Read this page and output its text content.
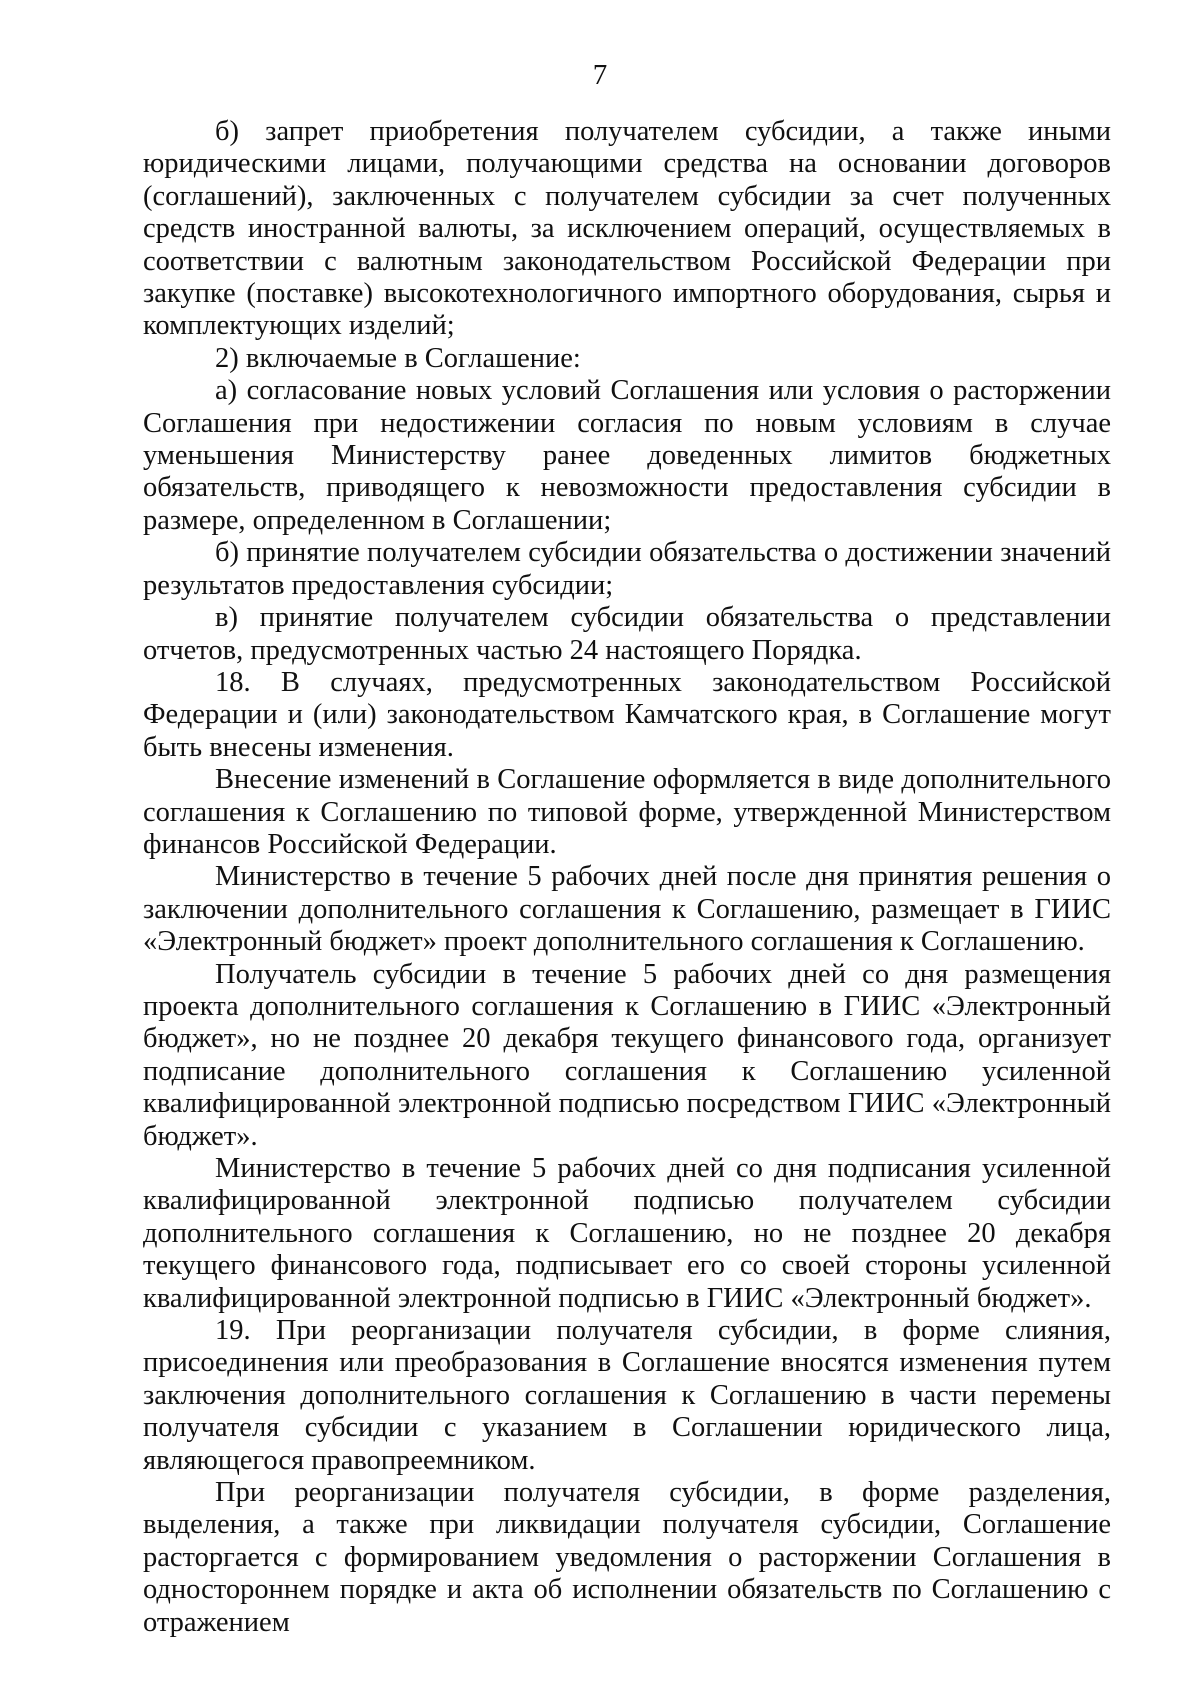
7

б) запрет приобретения получателем субсидии, а также иными юридическими лицами, получающими средства на основании договоров (соглашений), заключенных с получателем субсидии за счет полученных средств иностранной валюты, за исключением операций, осуществляемых в соответствии с валютным законодательством Российской Федерации при закупке (поставке) высокотехнологичного импортного оборудования, сырья и комплектующих изделий;

2) включаемые в Соглашение:

а) согласование новых условий Соглашения или условия о расторжении Соглашения при недостижении согласия по новым условиям в случае уменьшения Министерству ранее доведенных лимитов бюджетных обязательств, приводящего к невозможности предоставления субсидии в размере, определенном в Соглашении;

б) принятие получателем субсидии обязательства о достижении значений результатов предоставления субсидии;

в) принятие получателем субсидии обязательства о представлении отчетов, предусмотренных частью 24 настоящего Порядка.

18. В случаях, предусмотренных законодательством Российской Федерации и (или) законодательством Камчатского края, в Соглашение могут быть внесены изменения.

Внесение изменений в Соглашение оформляется в виде дополнительного соглашения к Соглашению по типовой форме, утвержденной Министерством финансов Российской Федерации.

Министерство в течение 5 рабочих дней после дня принятия решения о заключении дополнительного соглашения к Соглашению, размещает в ГИИС «Электронный бюджет» проект дополнительного соглашения к Соглашению.

Получатель субсидии в течение 5 рабочих дней со дня размещения проекта дополнительного соглашения к Соглашению в ГИИС «Электронный бюджет», но не позднее 20 декабря текущего финансового года, организует подписание дополнительного соглашения к Соглашению усиленной квалифицированной электронной подписью посредством ГИИС «Электронный бюджет».

Министерство в течение 5 рабочих дней со дня подписания усиленной квалифицированной электронной подписью получателем субсидии дополнительного соглашения к Соглашению, но не позднее 20 декабря текущего финансового года, подписывает его со своей стороны усиленной квалифицированной электронной подписью в ГИИС «Электронный бюджет».

19. При реорганизации получателя субсидии, в форме слияния, присоединения или преобразования в Соглашение вносятся изменения путем заключения дополнительного соглашения к Соглашению в части перемены получателя субсидии с указанием в Соглашении юридического лица, являющегося правопреемником.

При реорганизации получателя субсидии, в форме разделения, выделения, а также при ликвидации получателя субсидии, Соглашение расторгается с формированием уведомления о расторжении Соглашения в одностороннем порядке и акта об исполнении обязательств по Соглашению с отражением
